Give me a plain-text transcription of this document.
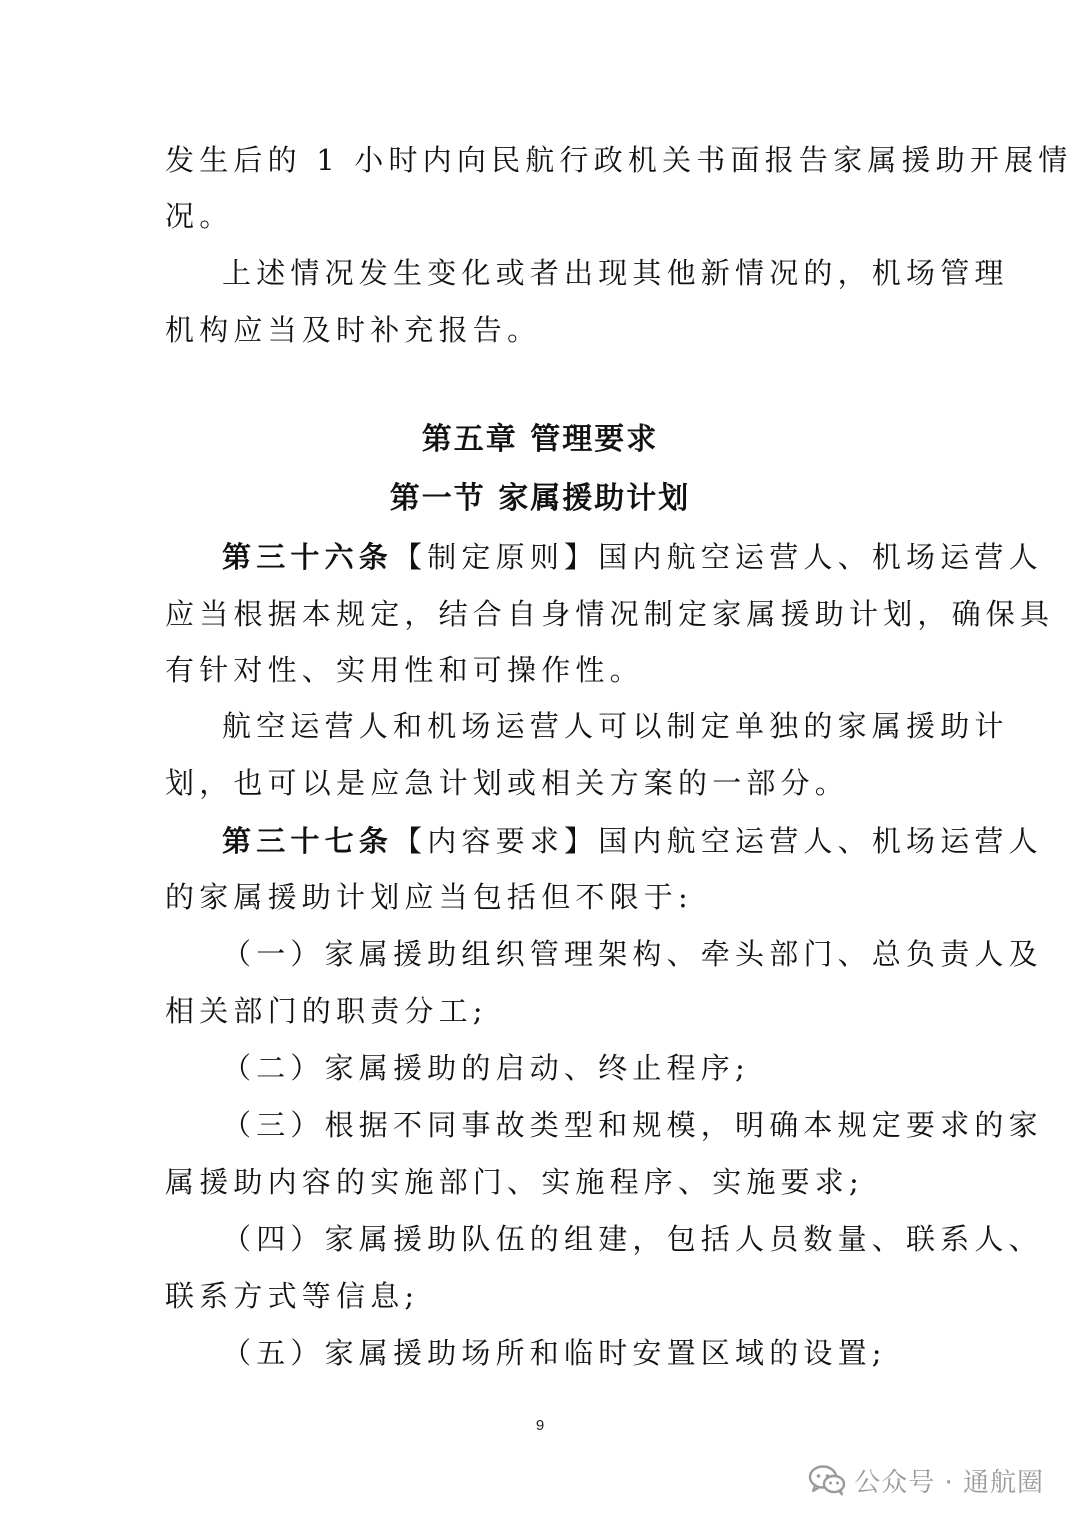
发生后的 1 小时内向民航行政机关书面报告家属援助开展情
况。
上述情况发生变化或者出现其他新情况的，机场管理
机构应当及时补充报告。
第五章 管理要求
第一节 家属援助计划
第三十六条【制定原则】国内航空运营人、机场运营人
应当根据本规定，结合自身情况制定家属援助计划，确保具
有针对性、实用性和可操作性。
航空运营人和机场运营人可以制定单独的家属援助计
划，也可以是应急计划或相关方案的一部分。
第三十七条【内容要求】国内航空运营人、机场运营人
的家属援助计划应当包括但不限于:
（一）家属援助组织管理架构、牵头部门、总负责人及
相关部门的职责分工;
（二）家属援助的启动、终止程序;
（三）根据不同事故类型和规模，明确本规定要求的家
属援助内容的实施部门、实施程序、实施要求;
（四）家属援助队伍的组建，包括人员数量、联系人、
联系方式等信息;
（五）家属援助场所和临时安置区域的设置;
9
公众号 · 通航圈
